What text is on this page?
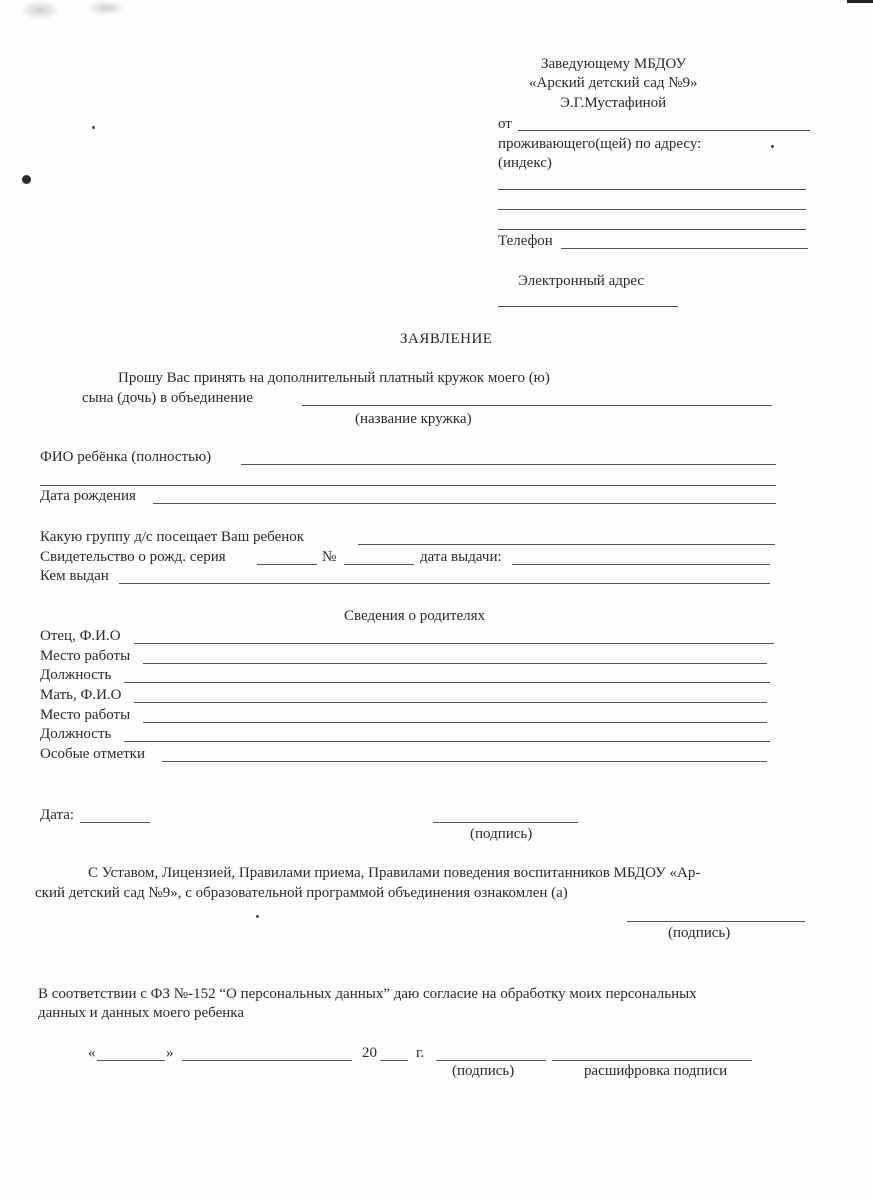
Заведующему МБДОУ
«Арский детский сад №9»
Э.Г.Мустафиной
от
проживающего(щей) по адресу:
(индекс)
Телефон
Электронный адрес
ЗАЯВЛЕНИЕ
Прошу Вас принять на дополнительный платный кружок моего (ю)
сына (дочь) в объединение
(название кружка)
ФИО ребёнка (полностью)
Дата рождения
Какую группу д/с посещает Ваш ребенок
Свидетельство о рожд. серия	№	дата выдачи:
Кем выдан
Сведения о родителях
Отец, Ф.И.О
Место работы
Должность
Мать, Ф.И.О
Место работы
Должность
Особые отметки
Дата:
(подпись)
С Уставом, Лицензией, Правилами приема, Правилами поведения воспитанников МБДОУ «Ар-
ский детский сад №9», с образовательной программой объединения ознакомлен (а)
(подпись)
В соответствии с ФЗ №-152 “О персональных данных” даю согласие на обработку моих персональных
данных и данных моего ребенка
«	»	20	г.
(подпись)	расшифровка подписи
